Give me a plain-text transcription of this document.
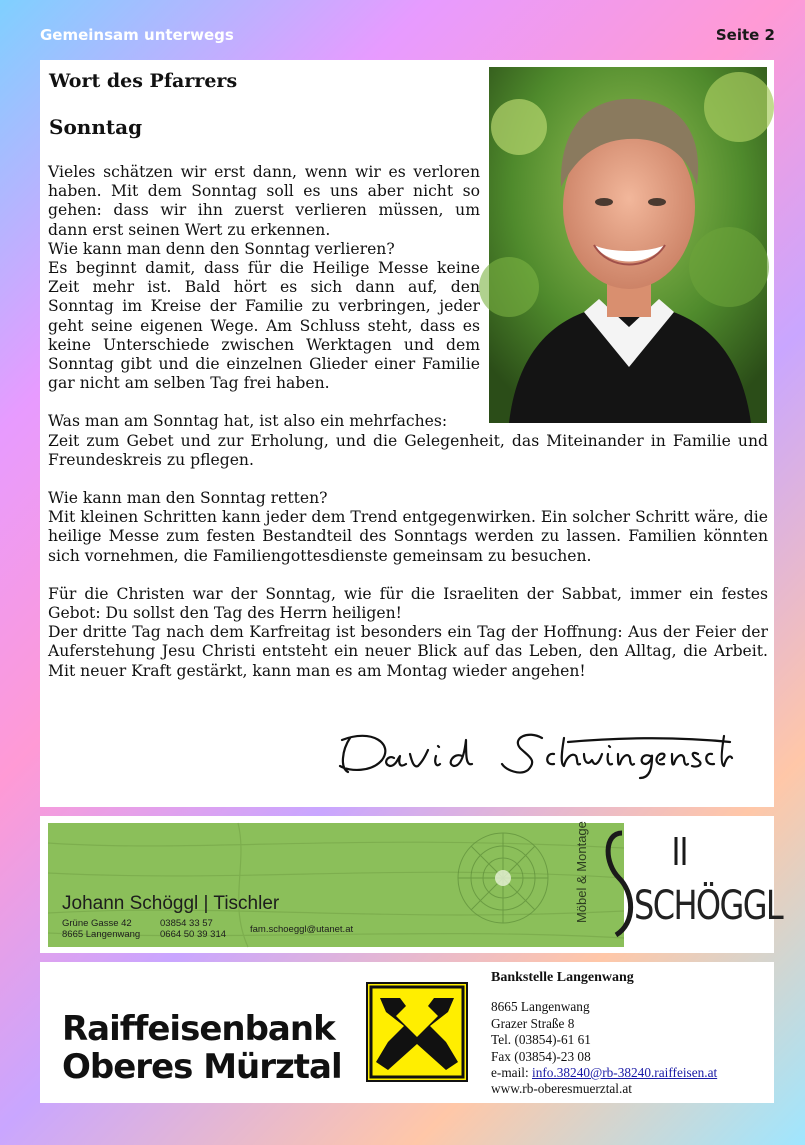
Gemeinsam unterwegs	Seite 2
Wort des Pfarrers
Sonntag
Vieles schätzen wir erst dann, wenn wir es verloren
haben. Mit dem Sonntag soll es uns aber nicht so
gehen: dass wir ihn zuerst verlieren müssen, um
dann erst seinen Wert zu erkennen.
Wie kann man denn den Sonntag verlieren?
Es beginnt damit, dass für die Heilige Messe keine
Zeit mehr ist. Bald hört es sich dann auf, den
Sonntag im Kreise der Familie zu verbringen, jeder
geht seine eigenen Wege. Am Schluss steht, dass es
keine Unterschiede zwischen Werktagen und dem
Sonntag gibt und die einzelnen Glieder einer Familie
gar nicht am selben Tag frei haben.

Was man am Sonntag hat, ist also ein mehrfaches:

Zeit zum Gebet und zur Erholung, und die Gelegenheit, das Miteinander in Familie und Freundeskreis zu pflegen.

Wie kann man den Sonntag retten?

Mit kleinen Schritten kann jeder dem Trend entgegenwirken. Ein solcher Schritt wäre, die heilige Messe zum festen Bestandteil des Sonntags werden zu lassen. Familien könnten sich vornehmen, die Familiengottesdienste gemeinsam zu besuchen.

Für die Christen war der Sonntag, wie für die Israeliten der Sabbat, immer ein festes Gebot: Du sollst den Tag des Herrn heiligen!

Der dritte Tag nach dem Karfreitag ist besonders ein Tag der Hoffnung: Aus der Feier der Auferstehung Jesu Christi entsteht ein neuer Blick auf das Leben, den Alltag, die Arbeit. Mit neuer Kraft gestärkt, kann man es am Montag wieder angehen!

Johann Schöggl | Tischler
Grüne Gasse 42
8665 Langenwang
03854 33 57
0664 50 39 314	fam.schoeggl@utanet.at
Möbel & Montage SCHÖGGL
Raiffeisenbank
Oberes Mürztal
Bankstelle Langenwang
8665 Langenwang
Grazer Straße 8
Tel. (03854)-61 61
Fax (03854)-23 08
e-mail: info.38240@rb-38240.raiffeisen.at
www.rb-oberesmuerztal.at
